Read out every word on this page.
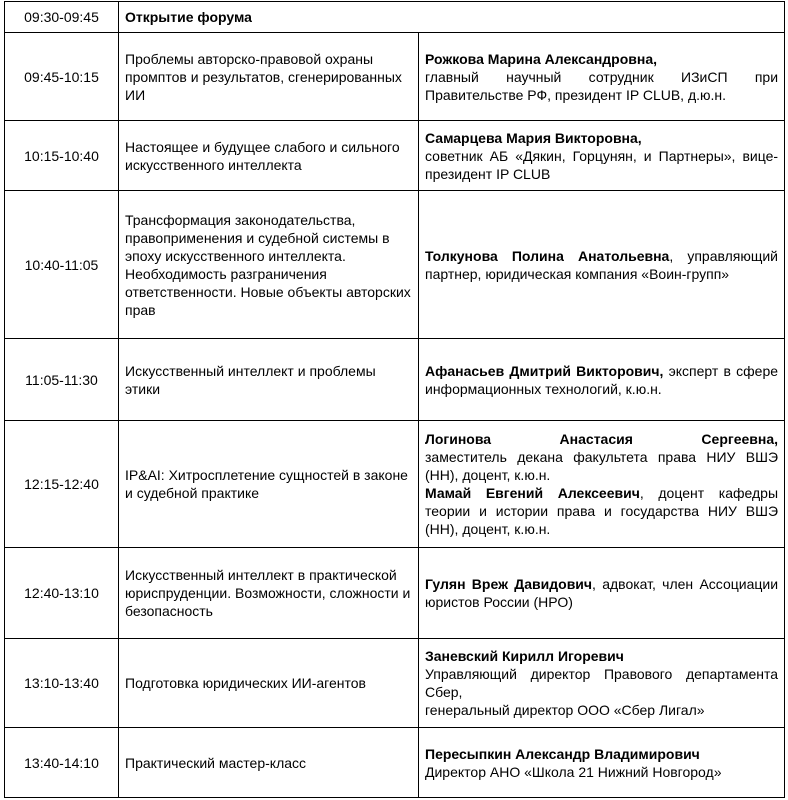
09:30-09:45	Открытие форума	
09:45-10:15	Проблемы авторско-правовой охраны промптов и результатов, сгенерированных ИИ	Рожкова Марина Александровна,
главный научный сотрудник ИЗиСП при Правительстве РФ, президент IP CLUB, д.ю.н.

10:15-10:40	Настоящее и будущее слабого и сильного искусственного интеллекта	Самарцева Мария Викторовна,
советник АБ «Дякин, Горцунян, и Партнеры», вице-президент IP CLUB

10:40-11:05	Трансформация законодательства, правоприменения и судебной системы в эпоху искусственного интеллекта. Необходимость разграничения ответственности. Новые объекты авторских прав	Толкунова Полина Анатольевна, управляющий партнер, юридическая компания «Воин-групп»
11:05-11:30	Искусственный интеллект и проблемы этики	Афанасьев Дмитрий Викторович, эксперт в сфере информационных технологий, к.ю.н.
12:15-12:40	IP&AI: Хитросплетение сущностей в законе и судебной практике	Логинова Анастасия Сергеевна,
заместитель декана факультета права НИУ ВШЭ (НН), доцент, к.ю.н.
Мамай Евгений Алексеевич, доцент кафедры теории и истории права и государства НИУ ВШЭ (НН), доцент, к.ю.н.

12:40-13:10	Искусственный интеллект в практической юриспруденции. Возможности, сложности и безопасность	Гулян Вреж Давидович, адвокат, член Ассоциации юристов России (НРО)
13:10-13:40	Подготовка юридических ИИ-агентов	Заневский Кирилл Игоревич
Управляющий директор Правового департамента Сбер,
генеральный директор ООО «Сбер Лигал»

13:40-14:10	Практический мастер-класс	Пересыпкин Александр Владимирович
Директор АНО «Школа 21 Нижний Новгород»
